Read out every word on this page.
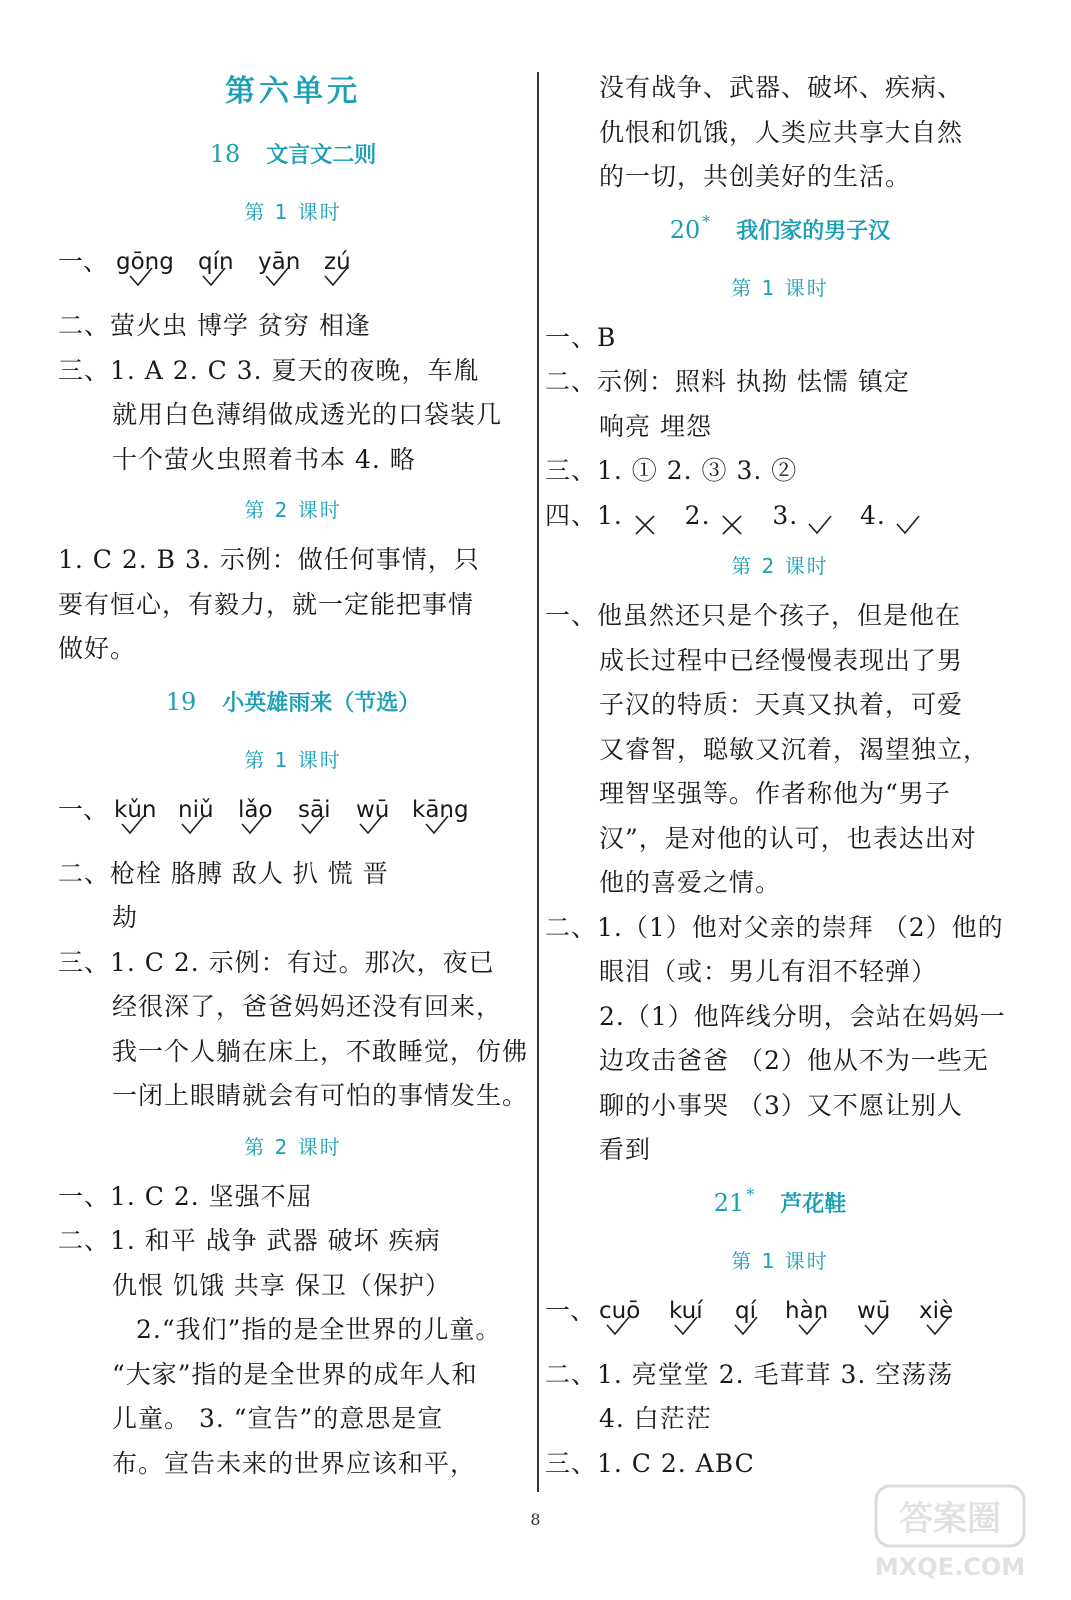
第六单元
18 文言文二则
第 1 课时
一、 gōng qín yān zú
二、萤火虫 博学 贫穷 相逢
三、1. A 2. C 3. 夏天的夜晚，车胤
就用白色薄绢做成透光的口袋装几
十个萤火虫照着书本 4. 略
第 2 课时
1. C 2. B 3. 示例：做任何事情，只
要有恒心，有毅力，就一定能把事情
做好。
19 小英雄雨来（节选）
第 1 课时
一、 kǔn niǔ lǎo sāi wū kāng
二、枪栓 胳膊 敌人 扒 慌 晋
劫
三、1. C 2. 示例：有过。那次，夜已
经很深了，爸爸妈妈还没有回来，
我一个人躺在床上，不敢睡觉，仿佛
一闭上眼睛就会有可怕的事情发生。
第 2 课时
一、1. C 2. 坚强不屈
二、1. 和平 战争 武器 破坏 疾病
仇恨 饥饿 共享 保卫（保护）
2.“我们”指的是全世界的儿童。
“大家”指的是全世界的成年人和
儿童。 3. “宣告”的意思是宣
布。宣告未来的世界应该和平，
没有战争、武器、破坏、疾病、
仇恨和饥饿，人类应共享大自然
的一切，共创美好的生活。
20 * 我们家的男子汉
第 1 课时
一、B
二、示例：照料 执拗 怯懦 镇定
响亮 埋怨
三、1. ① 2. ③ 3. ②
四、1. 2. 3. 4.
第 2 课时
一、他虽然还只是个孩子，但是他在
成长过程中已经慢慢表现出了男
子汉的特质：天真又执着，可爱
又睿智，聪敏又沉着，渴望独立，
理智坚强等。作者称他为“男子
汉”，是对他的认可，也表达出对
他的喜爱之情。
二、1.（1）他对父亲的崇拜 （2）他的
眼泪（或：男儿有泪不轻弹）
2.（1）他阵线分明，会站在妈妈一
边攻击爸爸 （2）他从不为一些无
聊的小事哭 （3）又不愿让别人
看到
21 * 芦花鞋
第 1 课时
一、 cuō kuí qí hàn wū xiè
二、1. 亮堂堂 2. 毛茸茸 3. 空荡荡
4. 白茫茫
三、1. C 2. ABC
8	答案圈
MXQE.COM
